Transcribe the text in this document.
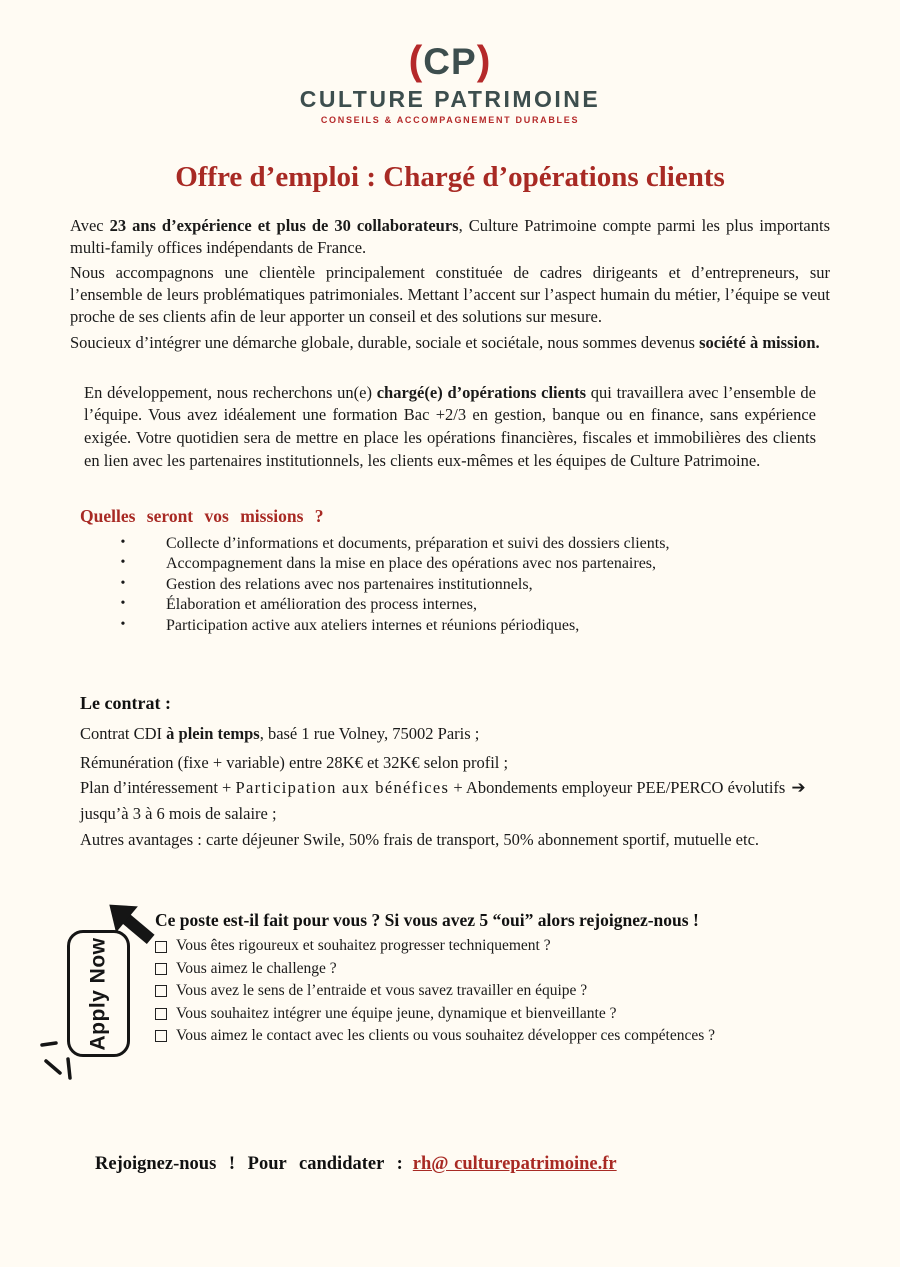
(CP)
CULTURE PATRIMOINE
CONSEILS & ACCOMPAGNEMENT DURABLES
Offre d’emploi : Chargé d’opérations clients

Avec 23 ans d’expérience et plus de 30 collaborateurs, Culture Patrimoine compte parmi les plus importants multi-family offices indépendants de France.

Nous accompagnons une clientèle principalement constituée de cadres dirigeants et d’entrepreneurs, sur l’ensemble de leurs problématiques patrimoniales. Mettant l’accent sur l’aspect humain du métier, l’équipe se veut proche de ses clients afin de leur apporter un conseil et des solutions sur mesure.

Soucieux d’intégrer une démarche globale, durable, sociale et sociétale, nous sommes devenus société à mission.

En développement, nous recherchons un(e) chargé(e) d’opérations clients qui travaillera avec l’ensemble de l’équipe. Vous avez idéalement une formation Bac +2/3 en gestion, banque ou en finance, sans expérience exigée. Votre quotidien sera de mettre en place les opérations financières, fiscales et immobilières des clients en lien avec les partenaires institutionnels, les clients eux-mêmes et les équipes de Culture Patrimoine.

Quelles seront vos missions ?
•	Collecte d’informations et documents, préparation et suivi des dossiers clients,
•	Accompagnement dans la mise en place des opérations avec nos partenaires,
•	Gestion des relations avec nos partenaires institutionnels,
•	Élaboration et amélioration des process internes,
•	Participation active aux ateliers internes et réunions périodiques,
Le contrat :

Contrat CDI à plein temps, basé 1 rue Volney, 75002 Paris ;

Rémunération (fixe + variable) entre 28K€ et 32K€ selon profil ;

Plan d’intéressement + Participation aux bénéfices + Abondements employeur PEE/PERCO évolutifs ➔

jusqu’à 3 à 6 mois de salaire ;

Autres avantages : carte déjeuner Swile, 50% frais de transport, 50% abonnement sportif, mutuelle etc.

Apply Now
Ce poste est-il fait pour vous ? Si vous avez 5 “oui” alors rejoignez-nous !
Vous êtes rigoureux et souhaitez progresser techniquement ?
Vous aimez le challenge ?
Vous avez le sens de l’entraide et vous savez travailler en équipe ?
Vous souhaitez intégrer une équipe jeune, dynamique et bienveillante ?
Vous aimez le contact avec les clients ou vous souhaitez développer ces compétences ?
Rejoignez-nous ! Pour candidater : rh@ culturepatrimoine.fr
